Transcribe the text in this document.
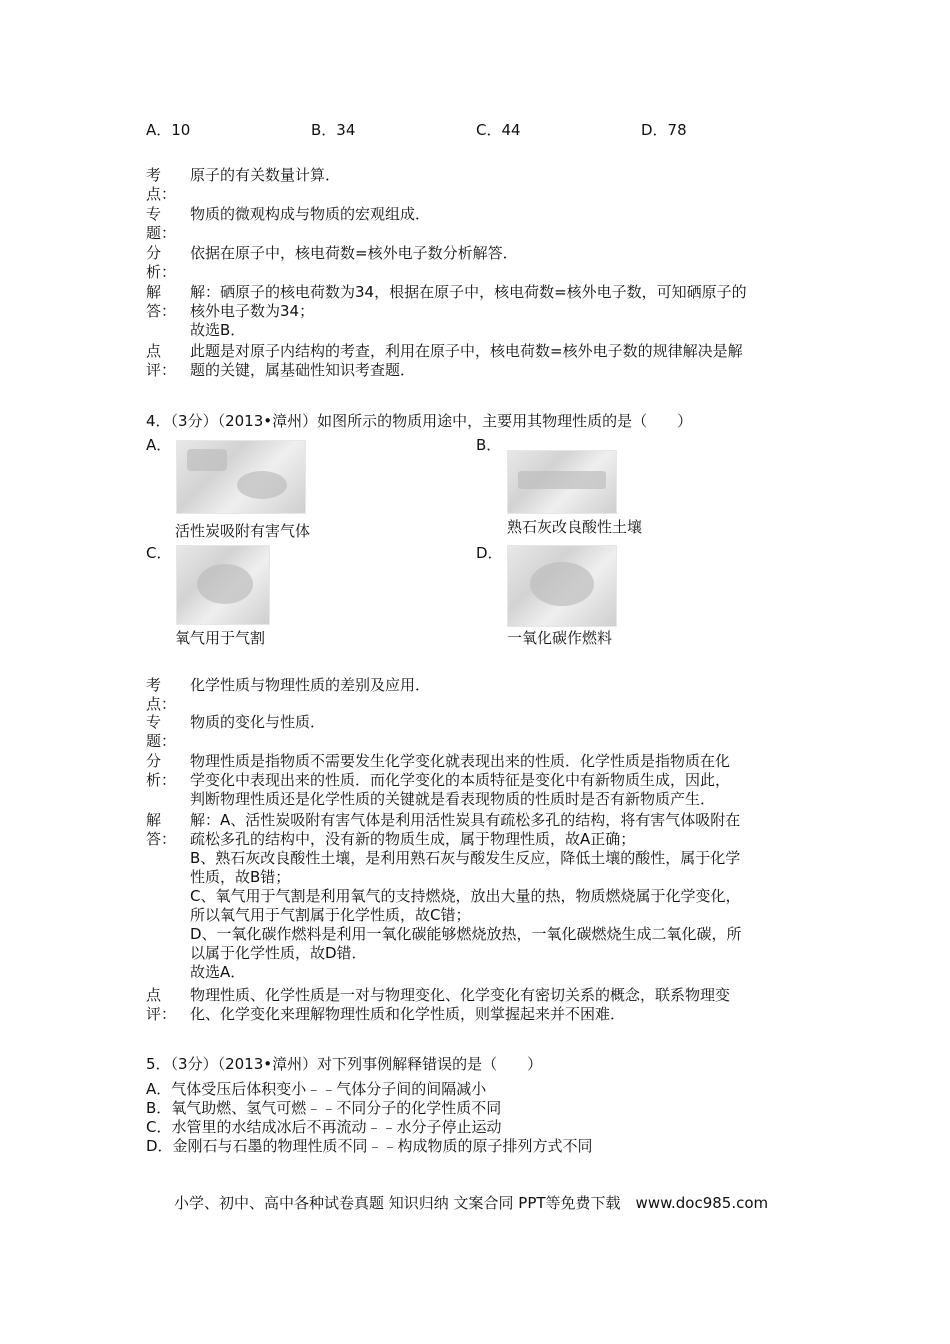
A．10	B．34	C．44	D．78
考点：
原子的有关数量计算．
专题：
物质的微观构成与物质的宏观组成．
分析：
依据在原子中，核电荷数=核外电子数分析解答．
解答：
解：硒原子的核电荷数为34，根据在原子中，核电荷数=核外电子数，可知硒原子的
核外电子数为34；
故选B．
点评：
此题是对原子内结构的考查，利用在原子中，核电荷数=核外电子数的规律解决是解
题的关键，属基础性知识考查题．
4．（3分）（2013•漳州）如图所示的物质用途中，主要用其物理性质的是（　　）
A．
活性炭吸附有害气体
B．
熟石灰改良酸性土壤
C．
氧气用于气割
D．
一氧化碳作燃料
考点：
化学性质与物理性质的差别及应用．
专题：
物质的变化与性质．
分析：
物理性质是指物质不需要发生化学变化就表现出来的性质．化学性质是指物质在化
学变化中表现出来的性质．而化学变化的本质特征是变化中有新物质生成，因此，
判断物理性质还是化学性质的关键就是看表现物质的性质时是否有新物质产生．
解答：
解：A、活性炭吸附有害气体是利用活性炭具有疏松多孔的结构，将有害气体吸附在
疏松多孔的结构中，没有新的物质生成，属于物理性质，故A正确；
B、熟石灰改良酸性土壤，是利用熟石灰与酸发生反应，降低土壤的酸性，属于化学
性质，故B错；
C、氧气用于气割是利用氧气的支持燃烧，放出大量的热，物质燃烧属于化学变化，
所以氧气用于气割属于化学性质，故C错；
D、一氧化碳作燃料是利用一氧化碳能够燃烧放热，一氧化碳燃烧生成二氧化碳，所
以属于化学性质，故D错．
故选A．
点评：
物理性质、化学性质是一对与物理变化、化学变化有密切关系的概念，联系物理变
化、化学变化来理解物理性质和化学性质，则掌握起来并不困难．
5．（3分）（2013•漳州）对下列事例解释错误的是（　　）
A．气体受压后体积变小﹣﹣气体分子间的间隔减小
B．氧气助燃、氢气可燃﹣﹣不同分子的化学性质不同
C．水管里的水结成冰后不再流动﹣﹣水分子停止运动
D．金刚石与石墨的物理性质不同﹣﹣构成物质的原子排列方式不同
小学、初中、高中各种试卷真题 知识归纳 文案合同 PPT等免费下载　www.doc985.com
